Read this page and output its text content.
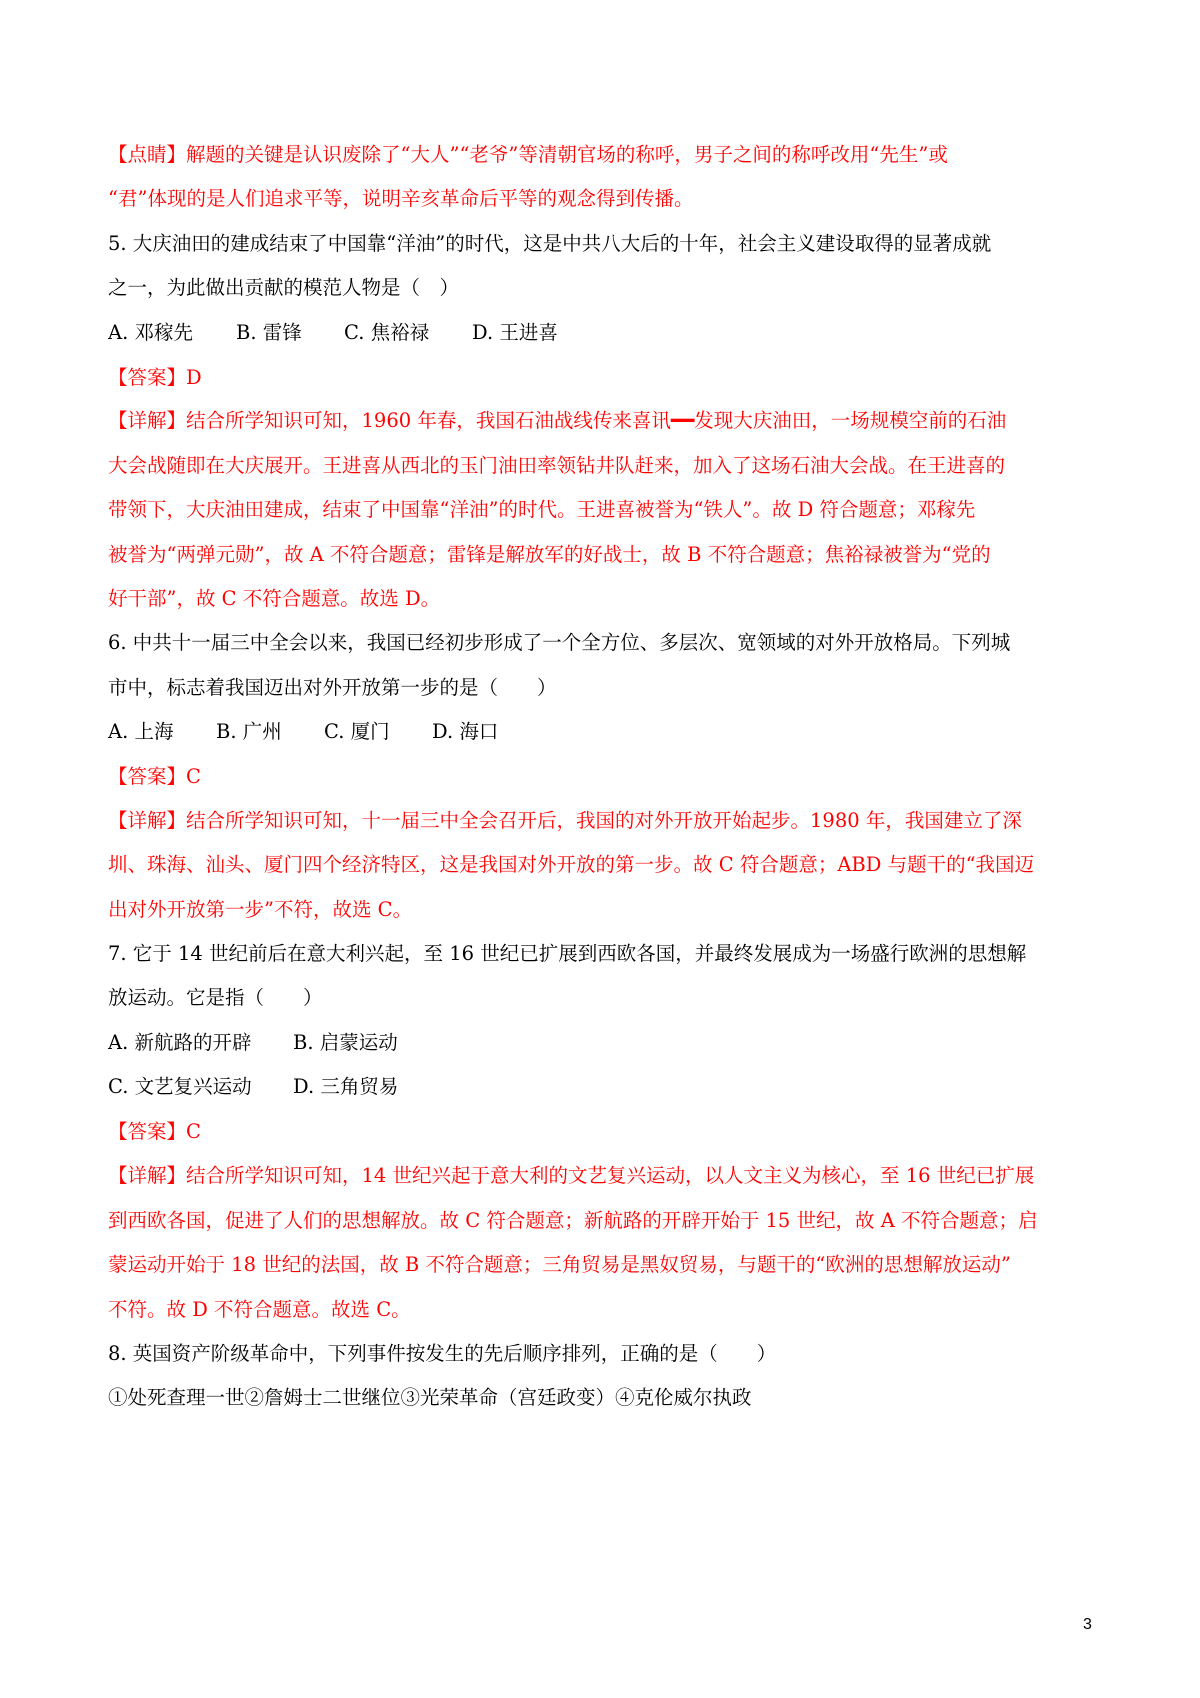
【点睛】解题的关键是认识废除了“大人”“老爷”等清朝官场的称呼，男子之间的称呼改用“先生”或
“君”体现的是人们追求平等，说明辛亥革命后平等的观念得到传播。
5. 大庆油田的建成结束了中国靠“洋油”的时代，这是中共八大后的十年，社会主义建设取得的显著成就
之一，为此做出贡献的模范人物是（　）
A. 邓稼先 B. 雷锋 C. 焦裕禄 D. 王进喜
【答案】D
【详解】结合所学知识可知，1960 年春，我国石油战线传来喜讯━━发现大庆油田，一场规模空前的石油
大会战随即在大庆展开。王进喜从西北的玉门油田率领钻井队赶来，加入了这场石油大会战。在王进喜的
带领下，大庆油田建成，结束了中国靠“洋油”的时代。王进喜被誉为“铁人”。故 D 符合题意；邓稼先
被誉为“两弹元勋”，故 A 不符合题意；雷锋是解放军的好战士，故 B 不符合题意；焦裕禄被誉为“党的
好干部”，故 C 不符合题意。故选 D。
6. 中共十一届三中全会以来，我国已经初步形成了一个全方位、多层次、宽领域的对外开放格局。下列城
市中，标志着我国迈出对外开放第一步的是（　　）
A. 上海 B. 广州 C. 厦门 D. 海口
【答案】C
【详解】结合所学知识可知，十一届三中全会召开后，我国的对外开放开始起步。1980 年，我国建立了深
圳、珠海、汕头、厦门四个经济特区，这是我国对外开放的第一步。故 C 符合题意；ABD 与题干的“我国迈
出对外开放第一步”不符，故选 C。
7. 它于 14 世纪前后在意大利兴起，至 16 世纪已扩展到西欧各国，并最终发展成为一场盛行欧洲的思想解
放运动。它是指（　　）
A. 新航路的开辟 B. 启蒙运动
C. 文艺复兴运动 D. 三角贸易
【答案】C
【详解】结合所学知识可知，14 世纪兴起于意大利的文艺复兴运动，以人文主义为核心，至 16 世纪已扩展
到西欧各国，促进了人们的思想解放。故 C 符合题意；新航路的开辟开始于 15 世纪，故 A 不符合题意；启
蒙运动开始于 18 世纪的法国，故 B 不符合题意；三角贸易是黑奴贸易，与题干的“欧洲的思想解放运动”
不符。故 D 不符合题意。故选 C。
8. 英国资产阶级革命中，下列事件按发生的先后顺序排列，正确的是（　　）
①处死查理一世②詹姆士二世继位③光荣革命（宫廷政变）④克伦威尔执政
3
